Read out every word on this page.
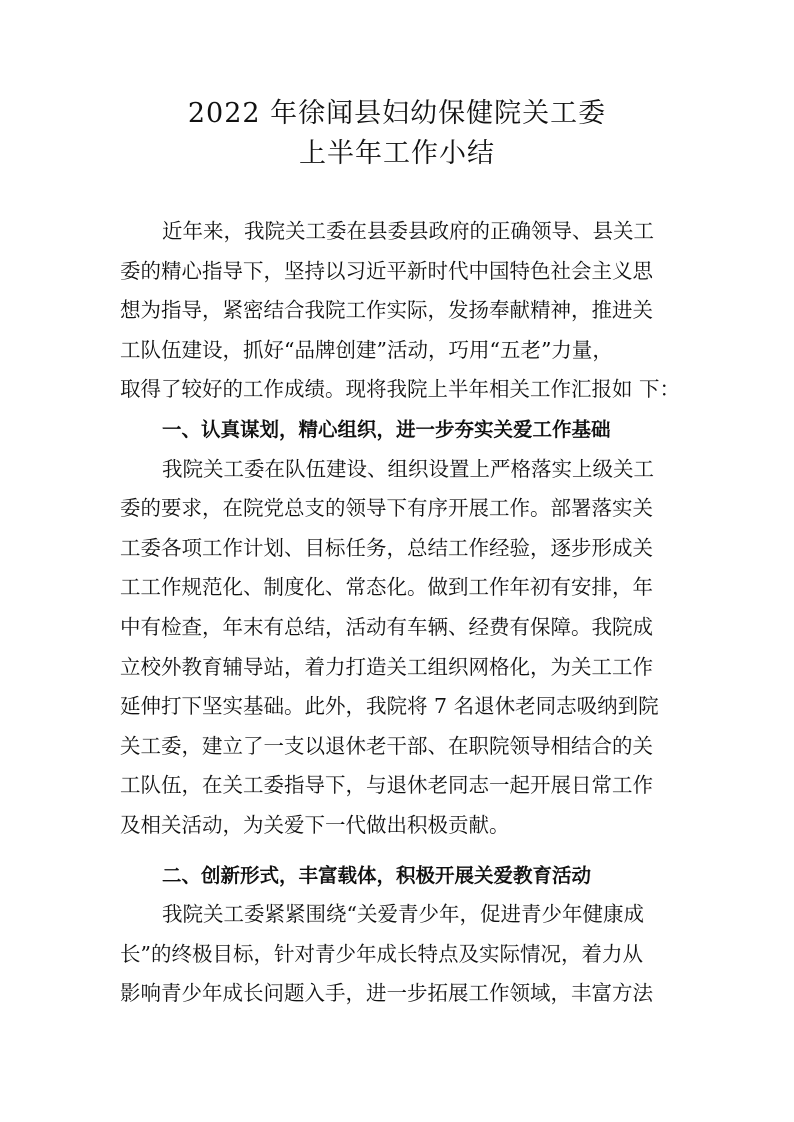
2022 年徐闻县妇幼保健院关工委
上半年工作小结
近年来，我院关工委在县委县政府的正确领导、县关工
委的精心指导下，坚持以习近平新时代中国特色社会主义思
想为指导，紧密结合我院工作实际，发扬奉献精神，推进关
工队伍建设，抓好“品牌创建”活动，巧用“五老”力量，
取得了较好的工作成绩。现将我院上半年相关工作汇报如 下：
一、认真谋划，精心组织，进一步夯实关爱工作基础
我院关工委在队伍建设、组织设置上严格落实上级关工
委的要求，在院党总支的领导下有序开展工作。部署落实关
工委各项工作计划、目标任务，总结工作经验，逐步形成关
工工作规范化、制度化、常态化。做到工作年初有安排，年
中有检查，年末有总结，活动有车辆、经费有保障。我院成
立校外教育辅导站，着力打造关工组织网格化，为关工工作
延伸打下坚实基础。此外，我院将 7 名退休老同志吸纳到院
关工委，建立了一支以退休老干部、在职院领导相结合的关
工队伍，在关工委指导下，与退休老同志一起开展日常工作
及相关活动，为关爱下一代做出积极贡献。
二、创新形式，丰富载体，积极开展关爱教育活动
我院关工委紧紧围绕“关爱青少年，促进青少年健康成
长”的终极目标，针对青少年成长特点及实际情况，着力从
影响青少年成长问题入手，进一步拓展工作领域，丰富方法
